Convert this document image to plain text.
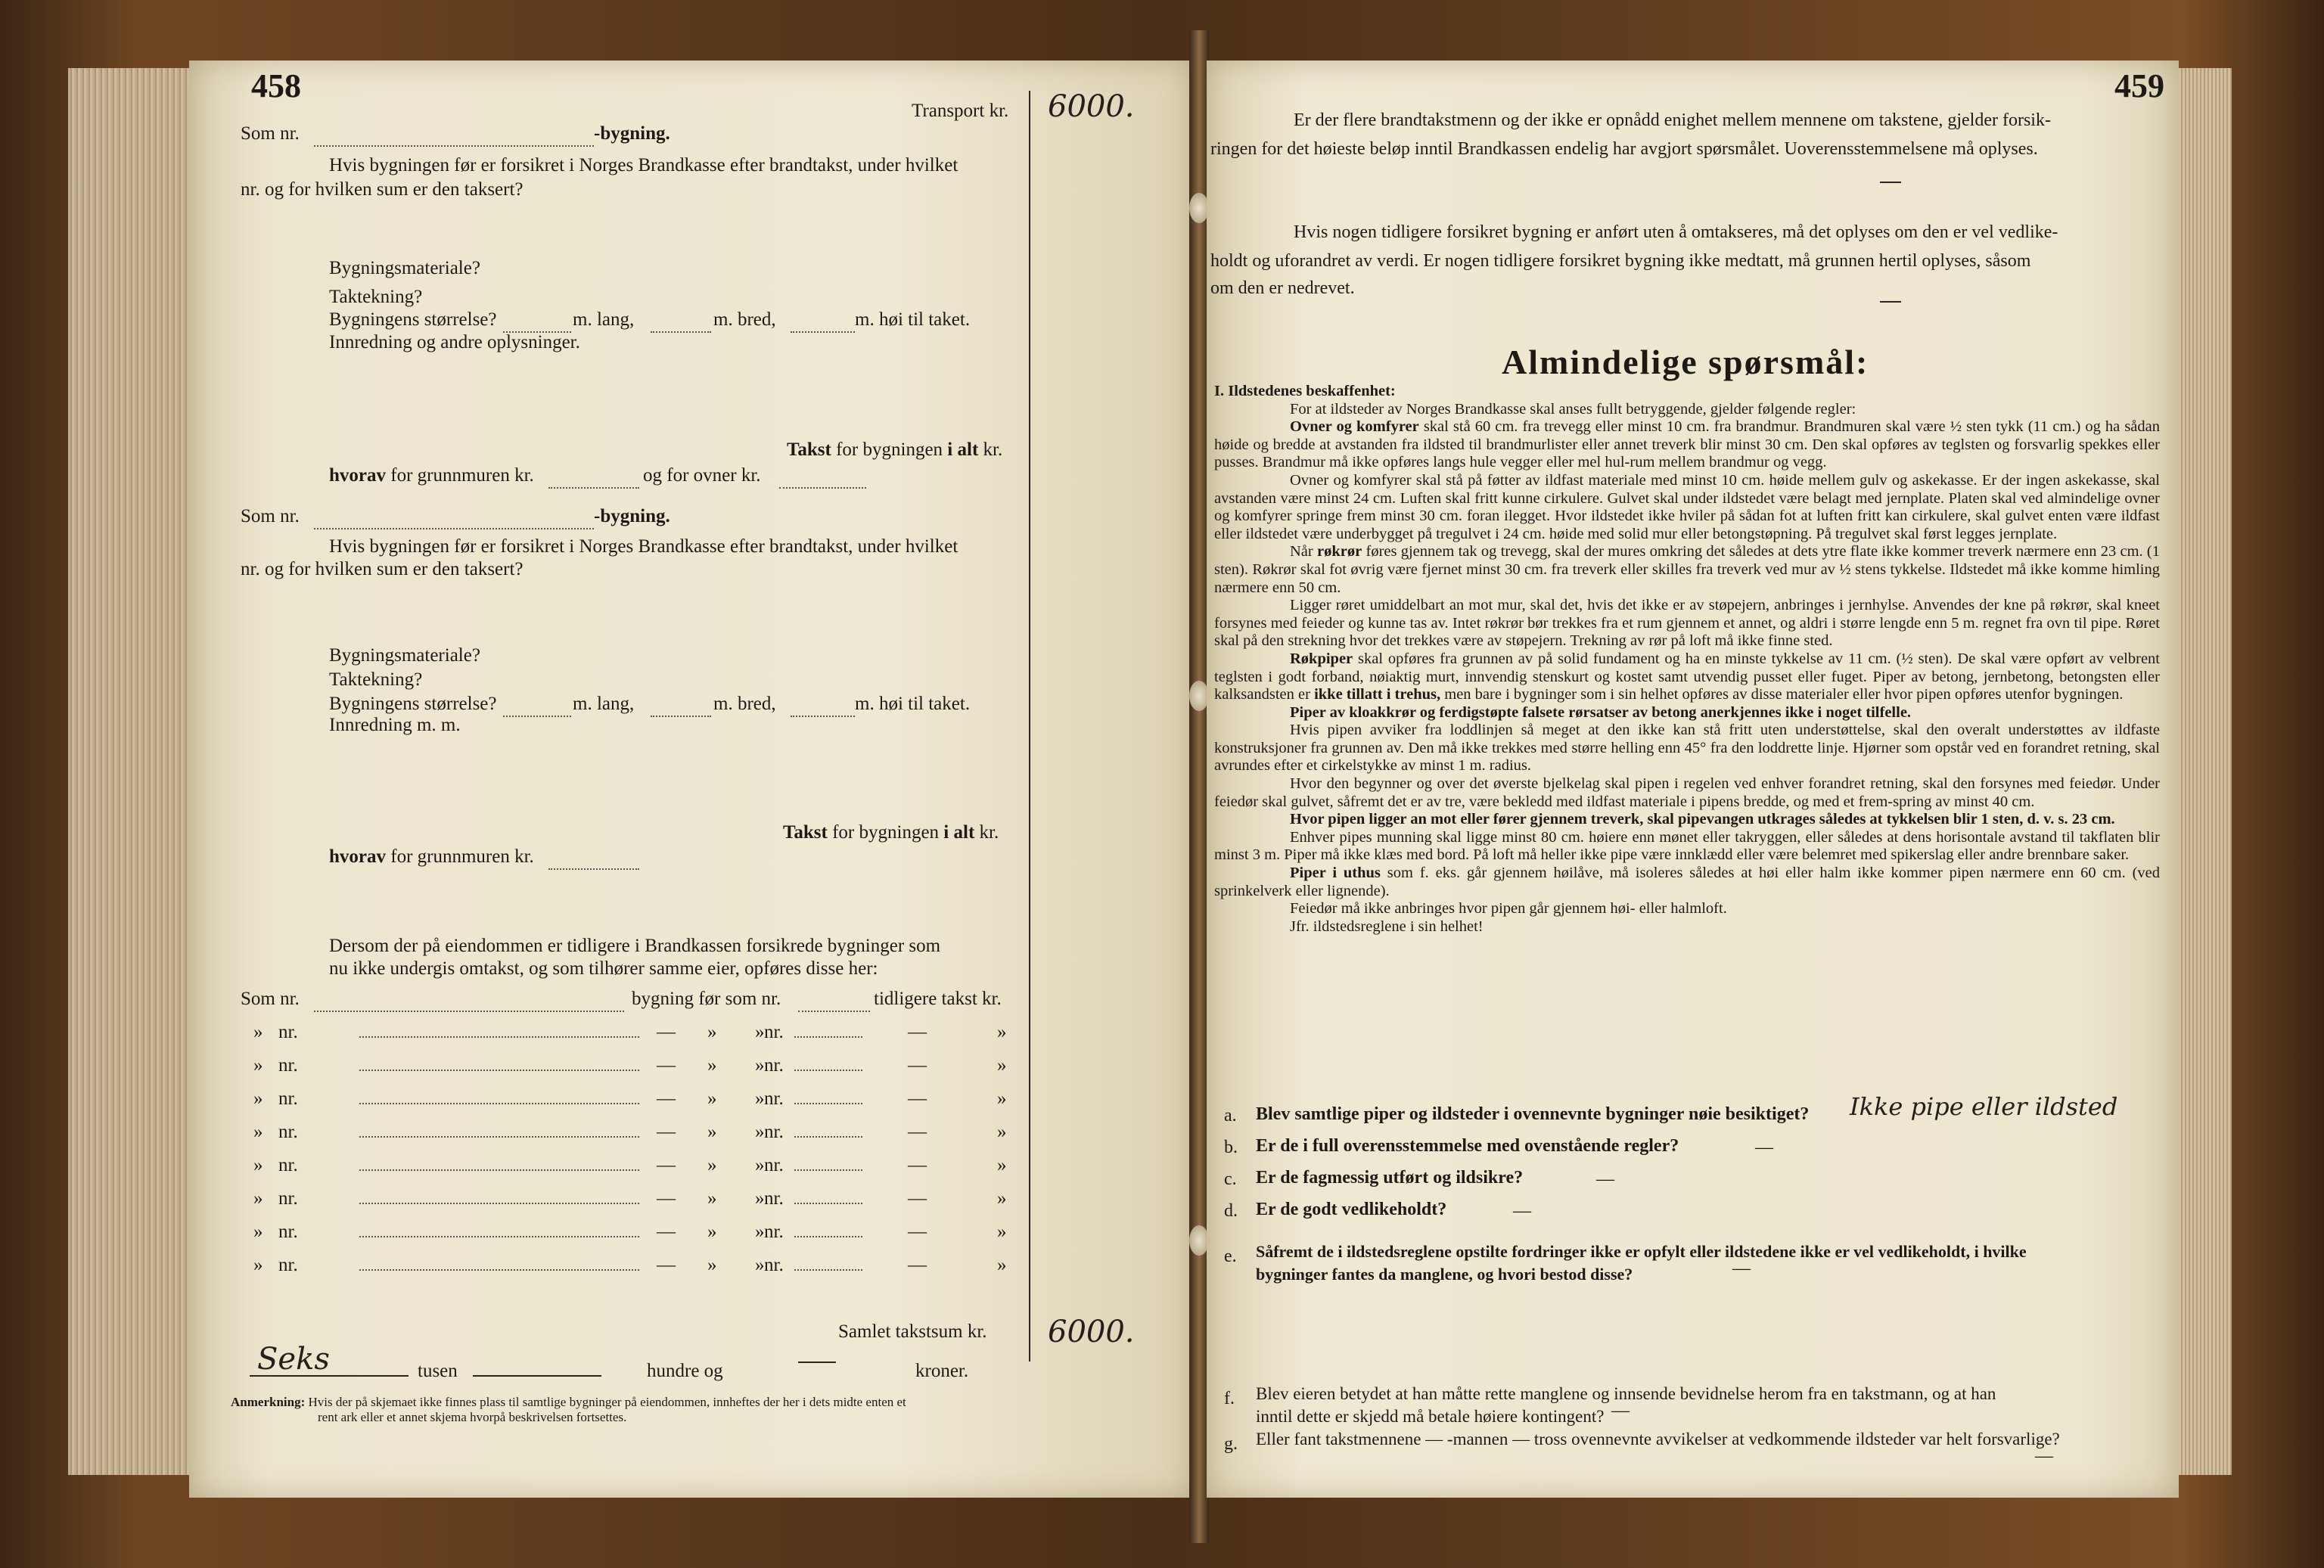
458
Transport kr. 6000.
Som nr.	-bygning.
Hvis bygningen før er forsikret i Norges Brandkasse efter brandtakst, under hvilket
nr. og for hvilken sum er den taksert?
Bygningsmateriale?
Taktekning?
Bygningens størrelse?	m. lang,	m. bred,	m. høi til taket.
Innredning og andre oplysninger.
Takst for bygningen i alt kr.
hvorav for grunnmuren kr.	og for ovner kr.
Som nr.	-bygning.
Hvis bygningen før er forsikret i Norges Brandkasse efter brandtakst, under hvilket
nr. og for hvilken sum er den taksert?
Bygningsmateriale?
Taktekning?
Bygningens størrelse?	m. lang,	m. bred,	m. høi til taket.
Innredning m. m.
Takst for bygningen i alt kr.
hvorav for grunnmuren kr.
Dersom der på eiendommen er tidligere i Brandkassen forsikrede bygninger som
nu ikke undergis omtakst, og som tilhører samme eier, opføres disse her:
Som nr.	bygning før som nr.	tidligere takst kr.
» nr.	— » » nr.	—	»
» nr.	— » » nr.	—	»
» nr.	— » » nr.	—	»
» nr.	— » » nr.	—	»
» nr.	— » » nr.	—	»
» nr.	— » » nr.	—	»
» nr.	— » » nr.	—	»
» nr.	— » » nr.	—	»
Samlet takstsum kr. 6000.
Seks	tusen	hundre og	kroner.
Anmerkning: Hvis der på skjemaet ikke finnes plass til samtlige bygninger på eiendommen, innheftes der her i dets midte enten et
rent ark eller et annet skjema hvorpå beskrivelsen fortsettes.
459
Er der flere brandtakstmenn og der ikke er opnådd enighet mellem mennene om takstene, gjelder forsik-
ringen for det høieste beløp inntil Brandkassen endelig har avgjort spørsmålet. Uoverensstemmelsene må oplyses.
Hvis nogen tidligere forsikret bygning er anført uten å omtakseres, må det oplyses om den er vel vedlike-
holdt og uforandret av verdi. Er nogen tidligere forsikret bygning ikke medtatt, må grunnen hertil oplyses, såsom
om den er nedrevet.
Almindelige spørsmål:

I. Ildstedenes beskaffenhet:

For at ildsteder av Norges Brandkasse skal anses fullt betryggende, gjelder følgende regler:

Ovner og komfyrer skal stå 60 cm. fra trevegg eller minst 10 cm. fra brandmur. Brandmuren skal være ½ sten tykk (11 cm.) og ha sådan høide og bredde at avstanden fra ildsted til brandmurlister eller annet treverk blir minst 30 cm. Den skal opføres av teglsten og forsvarlig spekkes eller pusses. Brandmur må ikke opføres langs hule vegger eller mel hul-rum mellem brandmur og vegg.

Ovner og komfyrer skal stå på føtter av ildfast materiale med minst 10 cm. høide mellem gulv og askekasse. Er der ingen askekasse, skal avstanden være minst 24 cm. Luften skal fritt kunne cirkulere. Gulvet skal under ildstedet være belagt med jernplate. Platen skal ved almindelige ovner og komfyrer springe frem minst 30 cm. foran ilegget. Hvor ildstedet ikke hviler på sådan fot at luften fritt kan cirkulere, skal gulvet enten være ildfast eller ildstedet være underbygget på tregulvet i 24 cm. høide med solid mur eller betongstøpning. På tregulvet skal først legges jernplate.

Når røkrør føres gjennem tak og trevegg, skal der mures omkring det således at dets ytre flate ikke kommer treverk nærmere enn 23 cm. (1 sten). Røkrør skal fot øvrig være fjernet minst 30 cm. fra treverk eller skilles fra treverk ved mur av ½ stens tykkelse. Ildstedet må ikke komme himling nærmere enn 50 cm.

Ligger røret umiddelbart an mot mur, skal det, hvis det ikke er av støpejern, anbringes i jernhylse. Anvendes der kne på røkrør, skal kneet forsynes med feieder og kunne tas av. Intet røkrør bør trekkes fra et rum gjennem et annet, og aldri i større lengde enn 5 m. regnet fra ovn til pipe. Røret skal på den strekning hvor det trekkes være av støpejern. Trekning av rør på loft må ikke finne sted.

Røkpiper skal opføres fra grunnen av på solid fundament og ha en minste tykkelse av 11 cm. (½ sten). De skal være opført av velbrent teglsten i godt forband, nøiaktig murt, innvendig stenskurt og kostet samt utvendig pusset eller fuget. Piper av betong, jernbetong, betongsten eller kalksandsten er ikke tillatt i trehus, men bare i bygninger som i sin helhet opføres av disse materialer eller hvor pipen opføres utenfor bygningen.

Piper av kloakkrør og ferdigstøpte falsete rørsatser av betong anerkjennes ikke i noget tilfelle.

Hvis pipen avviker fra loddlinjen så meget at den ikke kan stå fritt uten understøttelse, skal den overalt understøttes av ildfaste konstruksjoner fra grunnen av. Den må ikke trekkes med større helling enn 45° fra den loddrette linje. Hjørner som opstår ved en forandret retning, skal avrundes efter et cirkelstykke av minst 1 m. radius.

Hvor den begynner og over det øverste bjelkelag skal pipen i regelen ved enhver forandret retning, skal den forsynes med feiedør. Under feiedør skal gulvet, såfremt det er av tre, være bekledd med ildfast materiale i pipens bredde, og med et frem-spring av minst 40 cm.

Hvor pipen ligger an mot eller fører gjennem treverk, skal pipevangen utkrages således at tykkelsen blir 1 sten, d. v. s. 23 cm.

Enhver pipes munning skal ligge minst 80 cm. høiere enn mønet eller takryggen, eller således at dens horisontale avstand til takflaten blir minst 3 m. Piper må ikke klæs med bord. På loft må heller ikke pipe være innklædd eller være belemret med spikerslag eller andre brennbare saker.

Piper i uthus som f. eks. går gjennem høilåve, må isoleres således at høi eller halm ikke kommer pipen nærmere enn 60 cm. (ved sprinkelverk eller lignende).

Feiedør må ikke anbringes hvor pipen går gjennem høi- eller halmloft.

Jfr. ildstedsreglene i sin helhet!

a. Blev samtlige piper og ildsteder i ovennevnte bygninger nøie besiktiget? Ikke pipe eller ildsted
b. Er de i full overensstemmelse med ovenstående regler?	—
c. Er de fagmessig utført og ildsikre?	—
d. Er de godt vedlikeholdt?	—
e. Såfremt de i ildstedsreglene opstilte fordringer ikke er opfylt eller ildstedene ikke er vel vedlikeholdt, i hvilke
bygninger fantes da manglene, og hvori bestod disse?	—
f. Blev eieren betydet at han måtte rette manglene og innsende bevidnelse herom fra en takstmann, og at han
inntil dette er skjedd må betale høiere kontingent? —
g. Eller fant takstmennene — -mannen — tross ovennevnte avvikelser at vedkommende ildsteder var helt forsvarlige?
—
